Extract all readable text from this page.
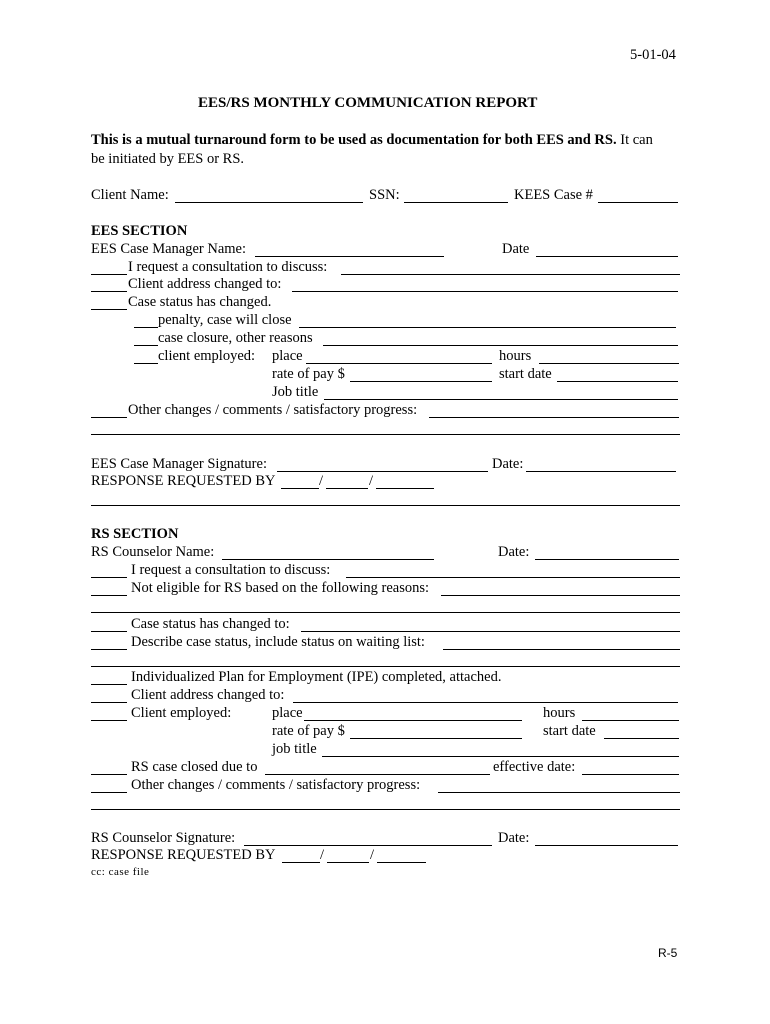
5-01-04
EES/RS MONTHLY COMMUNICATION REPORT
This is a mutual turnaround form to be used as documentation for both EES and RS. It can
be initiated by EES or RS.
Client Name:	SSN:	KEES Case #
EES SECTION
EES Case Manager Name:	Date
I request a consultation to discuss:
Client address changed to:
Case status has changed.
penalty, case will close
case closure, other reasons
client employed: place	hours
rate of pay $	start date
Job title
Other changes / comments / satisfactory progress:
EES Case Manager Signature:	Date:
RESPONSE REQUESTED BY	/	/
RS SECTION
RS Counselor Name:	Date:
I request a consultation to discuss:
Not eligible for RS based on the following reasons:
Case status has changed to:
Describe case status, include status on waiting list:
Individualized Plan for Employment (IPE) completed, attached.
Client address changed to:
Client employed:	place	hours
rate of pay $	start date
job title
RS case closed due to	effective date:
Other changes / comments / satisfactory progress:
RS Counselor Signature:	Date:
RESPONSE REQUESTED BY	/	/
cc: case file
R-5
